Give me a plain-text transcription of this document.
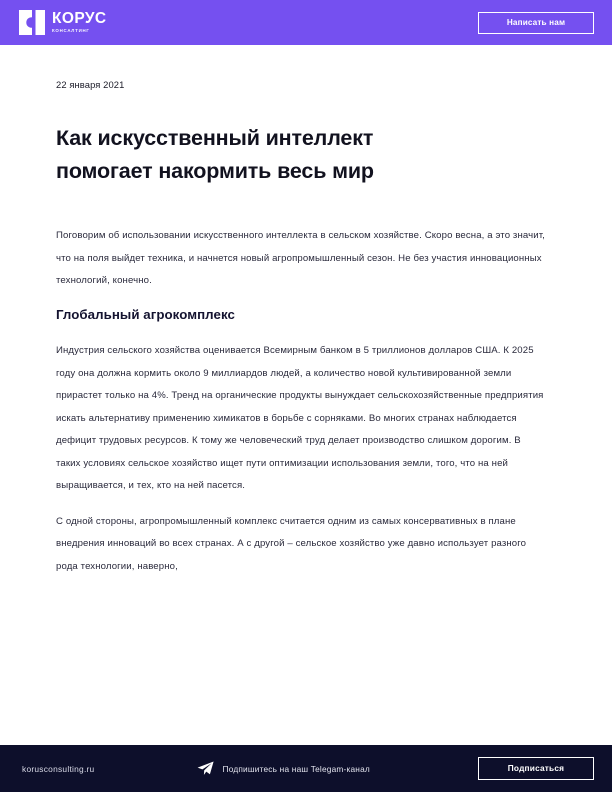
КОРУС
КОНСАЛТИНГ
Написать нам
22 января 2021
Как искусственный интеллект
помогает накормить весь мир

Поговорим об использовании искусственного интеллекта в сельском хозяйстве. Скоро весна, а это значит, что на поля выйдет техника, и начнется новый агропромышленный сезон. Не без участия инновационных технологий, конечно.

Глобальный агрокомплекс

Индустрия сельского хозяйства оценивается Всемирным банком в 5 триллионов долларов США. К 2025 году она должна кормить около 9 миллиардов людей, а количество новой культивированной земли прирастет только на 4%. Тренд на органические продукты вынуждает сельскохозяйственные предприятия искать альтернативу применению химикатов в борьбе с сорняками. Во многих странах наблюдается дефицит трудовых ресурсов. К тому же человеческий труд делает производство слишком дорогим. В таких условиях сельское хозяйство ищет пути оптимизации использования земли, того, что на ней выращивается, и тех, кто на ней пасется.

С одной стороны, агропромышленный комплекс считается одним из самых консервативных в плане внедрения инноваций во всех странах. А с другой – сельское хозяйство уже давно использует разного рода технологии, наверно,

korusconsulting.ru	Подпишитесь на наш Telegam-канал	Подписаться
